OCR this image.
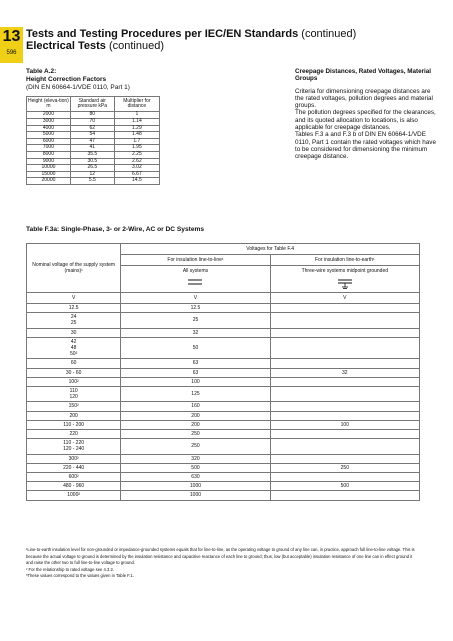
13
596
Tests and Testing Procedures per IEC/EN Standards (continued)
Electrical Tests (continued)
Table A.2:
Height Correction Factors
(DIN EN 60664-1/VDE 0110, Part 1)
Height (eleva-tion) m	Standard air pressure kPa	Multiplier for distance
2000	80	1
3000	70	1.14
4000	62	1.29
5000	54	1.48
6000	47	1.7
7000	41	1.95
8000	35.5	2.25
9000	30.5	2.62
10000	26.5	3.02
15000	12	6.67
20000	5.5	14.5
Creepage Distances, Rated Voltages, Material Groups

Criteria for dimensioning creepage distances are the rated voltages, pollution degrees and material groups.

The pollution degrees specified for the clearances, and its quoted allocation to locations, is also applicable for creepage distances.

Tables F.3 a and F.3 b of DIN EN 60664-1/VDE 0110, Part 1 contain the rated voltages which have to be considered for dimensioning the minimum creepage distance.

Table F.3a: Single-Phase, 3- or 2-Wire, AC or DC Systems
Nominal voltage of the supply system (mains)¹	Voltages for Table F.4	
	For insulation line-to-line¹	For insulation line-to-earth¹
	All systems	Three-wire systems midpoint grounded

V	V	V
12.5	12.5	
24
25	25	
30	32	
42
48
50²	50	
60	63	
30 - 60	63	32
100²	100	
110
120	125	
150²	160	
200	200	
110 - 200	200	100
220	250	
110 - 220
120 - 240	250	
300²	320	
220 - 440	500	250
600²	630	
480 - 960	1000	500
1000²	1000	

¹Line-to-earth insulation level for non-grounded or impedance-grounded systems equals that for line-to-line, as the operating voltage to ground of any line can, in practice, approach full line-to-line voltage. This is because the actual voltage to ground is determined by the insulation resistance and capacitive reactance of each line to ground; thus, low (but acceptable) insulation resistance of one line can in effect ground it and raise the other two to full line-to-line voltage to ground.

² For the relationship to rated voltage see 4.3.2.

³These values correspond to the values given in Table F.1.
